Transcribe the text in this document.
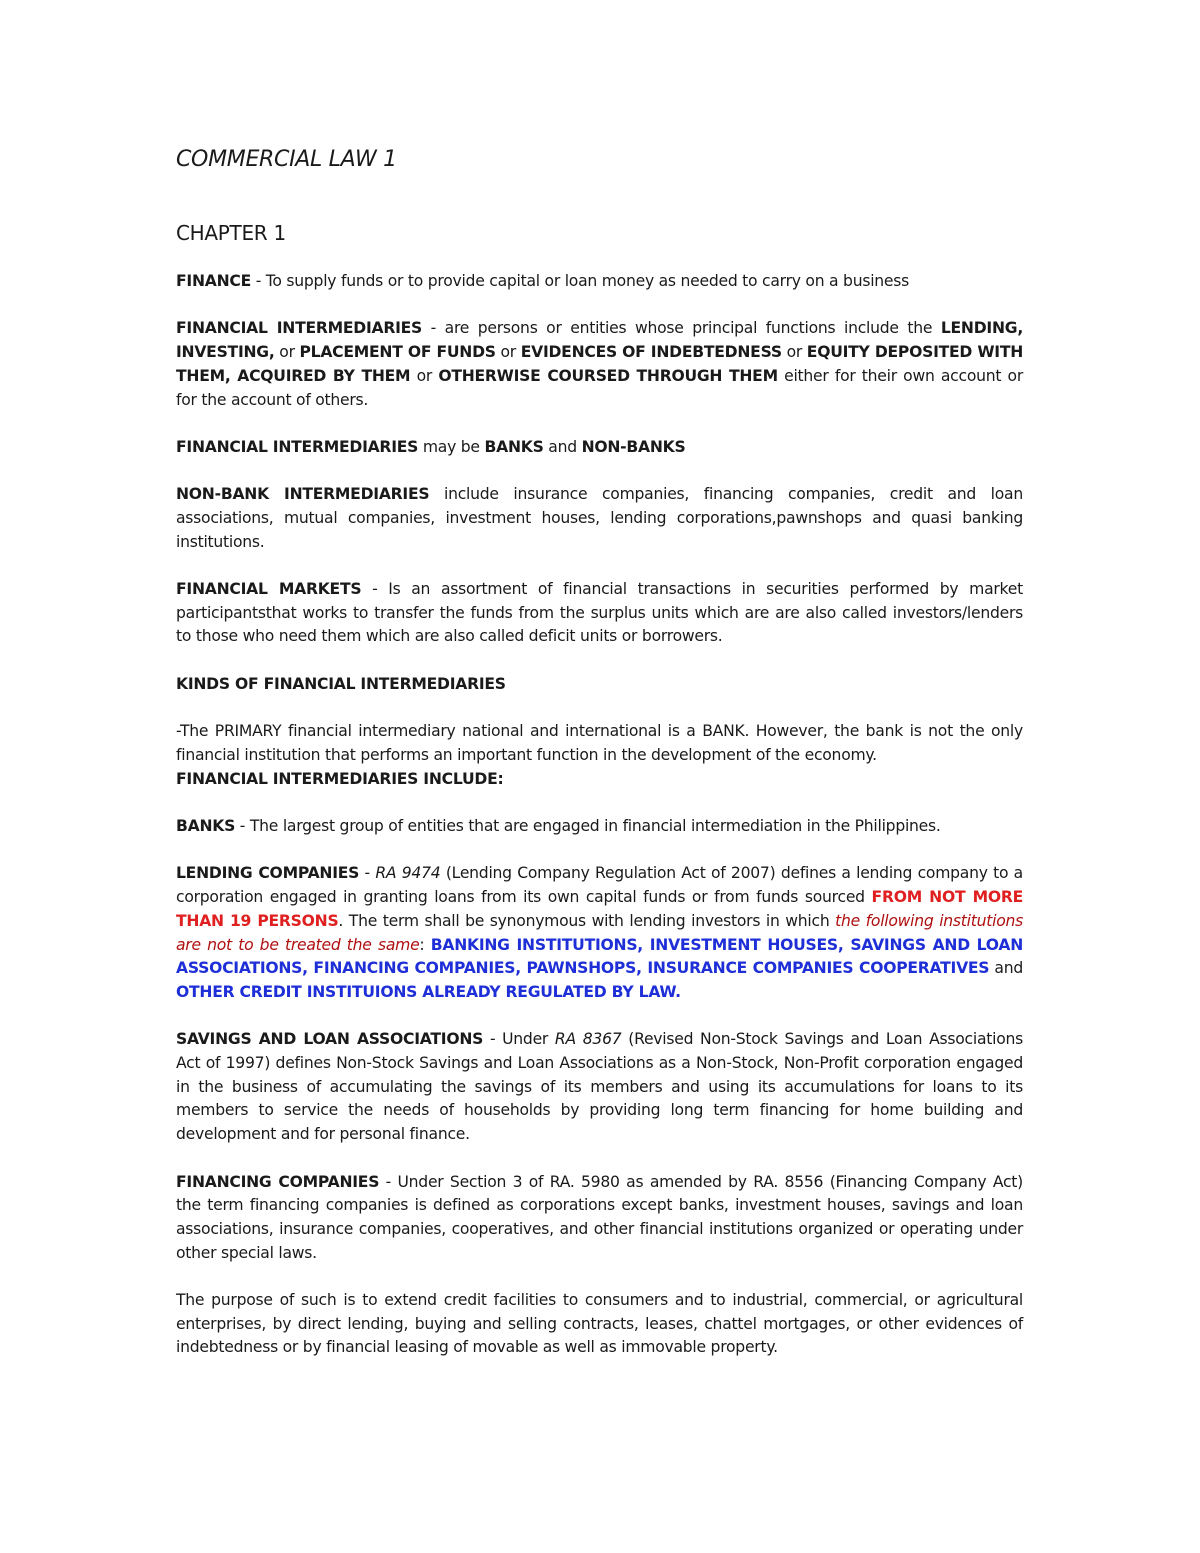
COMMERCIAL LAW 1
CHAPTER 1

FINANCE - To supply funds or to provide capital or loan money as needed to carry on a business

FINANCIAL INTERMEDIARIES - are persons or entities whose principal functions include the LENDING, INVESTING, or PLACEMENT OF FUNDS or EVIDENCES OF INDEBTEDNESS or EQUITY DEPOSITED WITH THEM, ACQUIRED BY THEM or OTHERWISE COURSED THROUGH THEM either for their own account or for the account of others.

FINANCIAL INTERMEDIARIES may be BANKS and NON-BANKS

NON-BANK INTERMEDIARIES include insurance companies, financing companies, credit and loan associations, mutual companies, investment houses, lending corporations,pawnshops and quasi banking institutions.

FINANCIAL MARKETS - Is an assortment of financial transactions in securities performed by market participantsthat works to transfer the funds from the surplus units which are are also called investors/lenders to those who need them which are also called deficit units or borrowers.

KINDS OF FINANCIAL INTERMEDIARIES

-The PRIMARY financial intermediary national and international is a BANK. However, the bank is not the only financial institution that performs an important function in the development of the economy.
FINANCIAL INTERMEDIARIES INCLUDE:

BANKS - The largest group of entities that are engaged in financial intermediation in the Philippines.

LENDING COMPANIES - RA 9474 (Lending Company Regulation Act of 2007) defines a lending company to a corporation engaged in granting loans from its own capital funds or from funds sourced FROM NOT MORE THAN 19 PERSONS. The term shall be synonymous with lending investors in which the following institutions are not to be treated the same: BANKING INSTITUTIONS, INVESTMENT HOUSES, SAVINGS AND LOAN ASSOCIATIONS, FINANCING COMPANIES, PAWNSHOPS, INSURANCE COMPANIES COOPERATIVES and OTHER CREDIT INSTITUIONS ALREADY REGULATED BY LAW.

SAVINGS AND LOAN ASSOCIATIONS - Under RA 8367 (Revised Non-Stock Savings and Loan Associations Act of 1997) defines Non-Stock Savings and Loan Associations as a Non-Stock, Non-Profit corporation engaged in the business of accumulating the savings of its members and using its accumulations for loans to its members to service the needs of households by providing long term financing for home building and development and for personal finance.

FINANCING COMPANIES - Under Section 3 of RA. 5980 as amended by RA. 8556 (Financing Company Act) the term financing companies is defined as corporations except banks, investment houses, savings and loan associations, insurance companies, cooperatives, and other financial institutions organized or operating under other special laws.

The purpose of such is to extend credit facilities to consumers and to industrial, commercial, or agricultural enterprises, by direct lending, buying and selling contracts, leases, chattel mortgages, or other evidences of indebtedness or by financial leasing of movable as well as immovable property.
